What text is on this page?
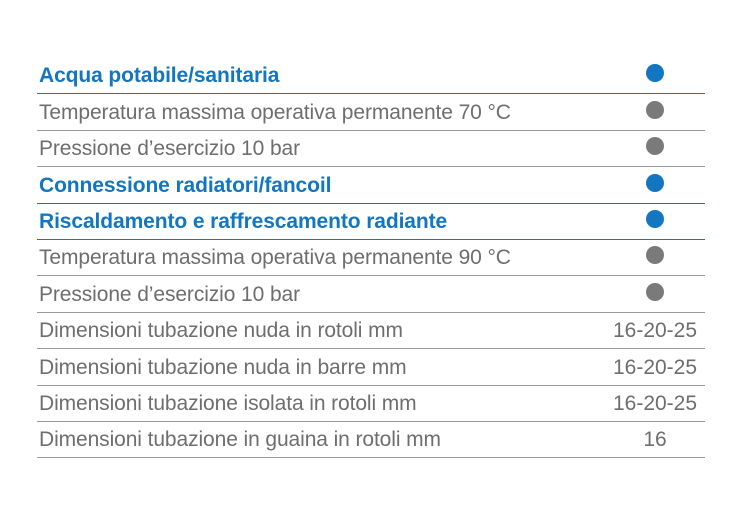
Acqua potabile/sanitaria
Temperatura massima operativa permanente 70 °C
Pressione d’esercizio 10 bar
Connessione radiatori/fancoil
Riscaldamento e raffrescamento radiante
Temperatura massima operativa permanente 90 °C
Pressione d’esercizio 10 bar
Dimensioni tubazione nuda in rotoli mm	16-20-25
Dimensioni tubazione nuda in barre mm	16-20-25
Dimensioni tubazione isolata in rotoli mm	16-20-25
Dimensioni tubazione in guaina in rotoli mm	16
